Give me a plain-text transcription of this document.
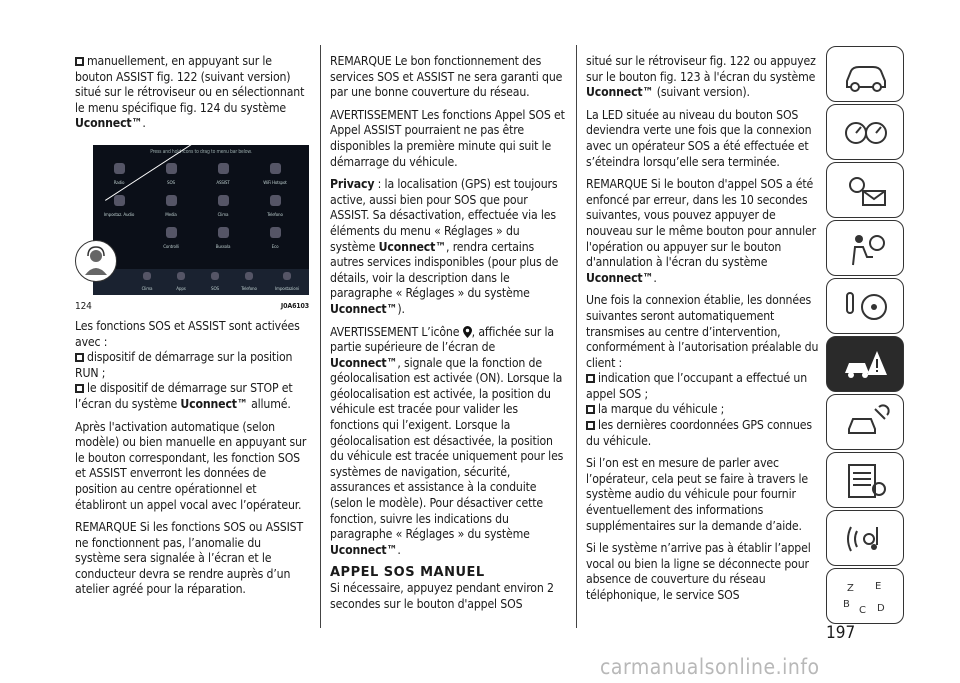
manuellement, en appuyant sur le bouton ASSIST fig. 122 (suivant version) situé sur le rétroviseur ou en sélectionnant le menu spécifique fig. 124 du système Uconnect™.

Press and hold icons to drag to menu bar below.
Radio	SOS	ASSIST	WiFi Hotspot
Impostaz. Audio	Media	Clima	Telefono
Controlli	Bussola	Eco
Clima	Apps	SOS	Telefono	Impostazioni
124	J0A6103

Les fonctions SOS et ASSIST sont activées avec :

dispositif de démarrage sur la position RUN ;

le dispositif de démarrage sur STOP et l’écran du système Uconnect™ allumé.

Après l'activation automatique (selon modèle) ou bien manuelle en appuyant sur le bouton correspondant, les fonction SOS et ASSIST enverront les données de position au centre opérationnel et établiront un appel vocal avec l’opérateur.

REMARQUE Si les fonctions SOS ou ASSIST ne fonctionnent pas, l’anomalie du système sera signalée à l’écran et le conducteur devra se rendre auprès d’un atelier agréé pour la réparation.

REMARQUE Le bon fonctionnement des services SOS et ASSIST ne sera garanti que par une bonne couverture du réseau.

AVERTISSEMENT Les fonctions Appel SOS et Appel ASSIST pourraient ne pas être disponibles la première minute qui suit le démarrage du véhicule.

Privacy : la localisation (GPS) est toujours active, aussi bien pour SOS que pour ASSIST. Sa désactivation, effectuée via les éléments du menu « Réglages » du système Uconnect™, rendra certains autres services indisponibles (pour plus de détails, voir la description dans le paragraphe « Réglages » du système Uconnect™).

AVERTISSEMENT L’icône , affichée sur la partie supérieure de l’écran de Uconnect™, signale que la fonction de géolocalisation est activée (ON). Lorsque la géolocalisation est activée, la position du véhicule est tracée pour valider les fonctions qui l’exigent. Lorsque la géolocalisation est désactivée, la position du véhicule est tracée uniquement pour les systèmes de navigation, sécurité, assurances et assistance à la conduite (selon le modèle). Pour désactiver cette fonction, suivre les indications du paragraphe « Réglages » du système Uconnect™.

APPEL SOS MANUEL

Si nécessaire, appuyez pendant environ 2 secondes sur le bouton d'appel SOS

situé sur le rétroviseur fig. 122 ou appuyez sur le bouton fig. 123 à l'écran du système Uconnect™ (suivant version).

La LED située au niveau du bouton SOS deviendra verte une fois que la connexion avec un opérateur SOS a été effectuée et s’éteindra lorsqu’elle sera terminée.

REMARQUE Si le bouton d'appel SOS a été enfoncé par erreur, dans les 10 secondes suivantes, vous pouvez appuyer de nouveau sur le même bouton pour annuler l'opération ou appuyer sur le bouton d'annulation à l'écran du système Uconnect™.

Une fois la connexion établie, les données suivantes seront automatiquement transmises au centre d’intervention, conformément à l’autorisation préalable du client :

indication que l’occupant a effectué un appel SOS ;

la marque du véhicule ;

les dernières coordonnées GPS connues du véhicule.

Si l’on est en mesure de parler avec l’opérateur, cela peut se faire à travers le système audio du véhicule pour fournir éventuellement des informations supplémentaires sur la demande d’aide.

Si le système n’arrive pas à établir l’appel vocal ou bien la ligne se déconnecte pour absence de couverture du réseau téléphonique, le service SOS	Z E
B
C D
197
carmanualsonline.info
